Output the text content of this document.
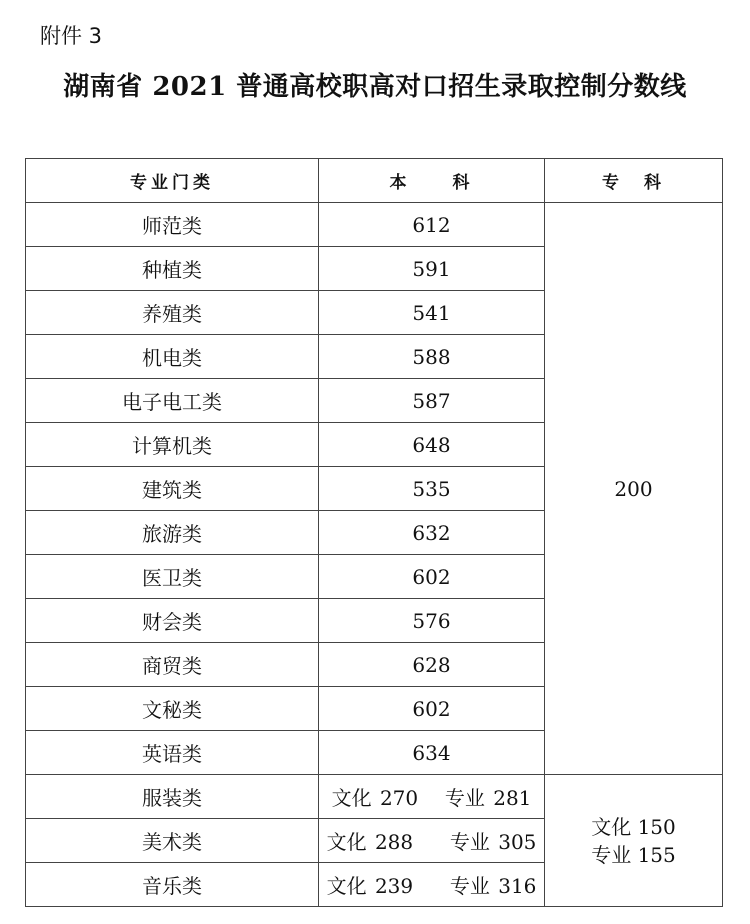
附件 3
湖南省 2021 普通高校职高对口招生录取控制分数线
专业门类	本　　科	专　科
师范类	612	200
种植类	591	
养殖类	541	
机电类	588	
电子电工类	587	
计算机类	648	
建筑类	535	
旅游类	632	
医卫类	602	
财会类	576	
商贸类	628	
文秘类	602	
英语类	634	
服装类	文化 270 专业 281	文化 150
专业 155

美术类	文化 288 专业 305	
音乐类	文化 239 专业 316	
